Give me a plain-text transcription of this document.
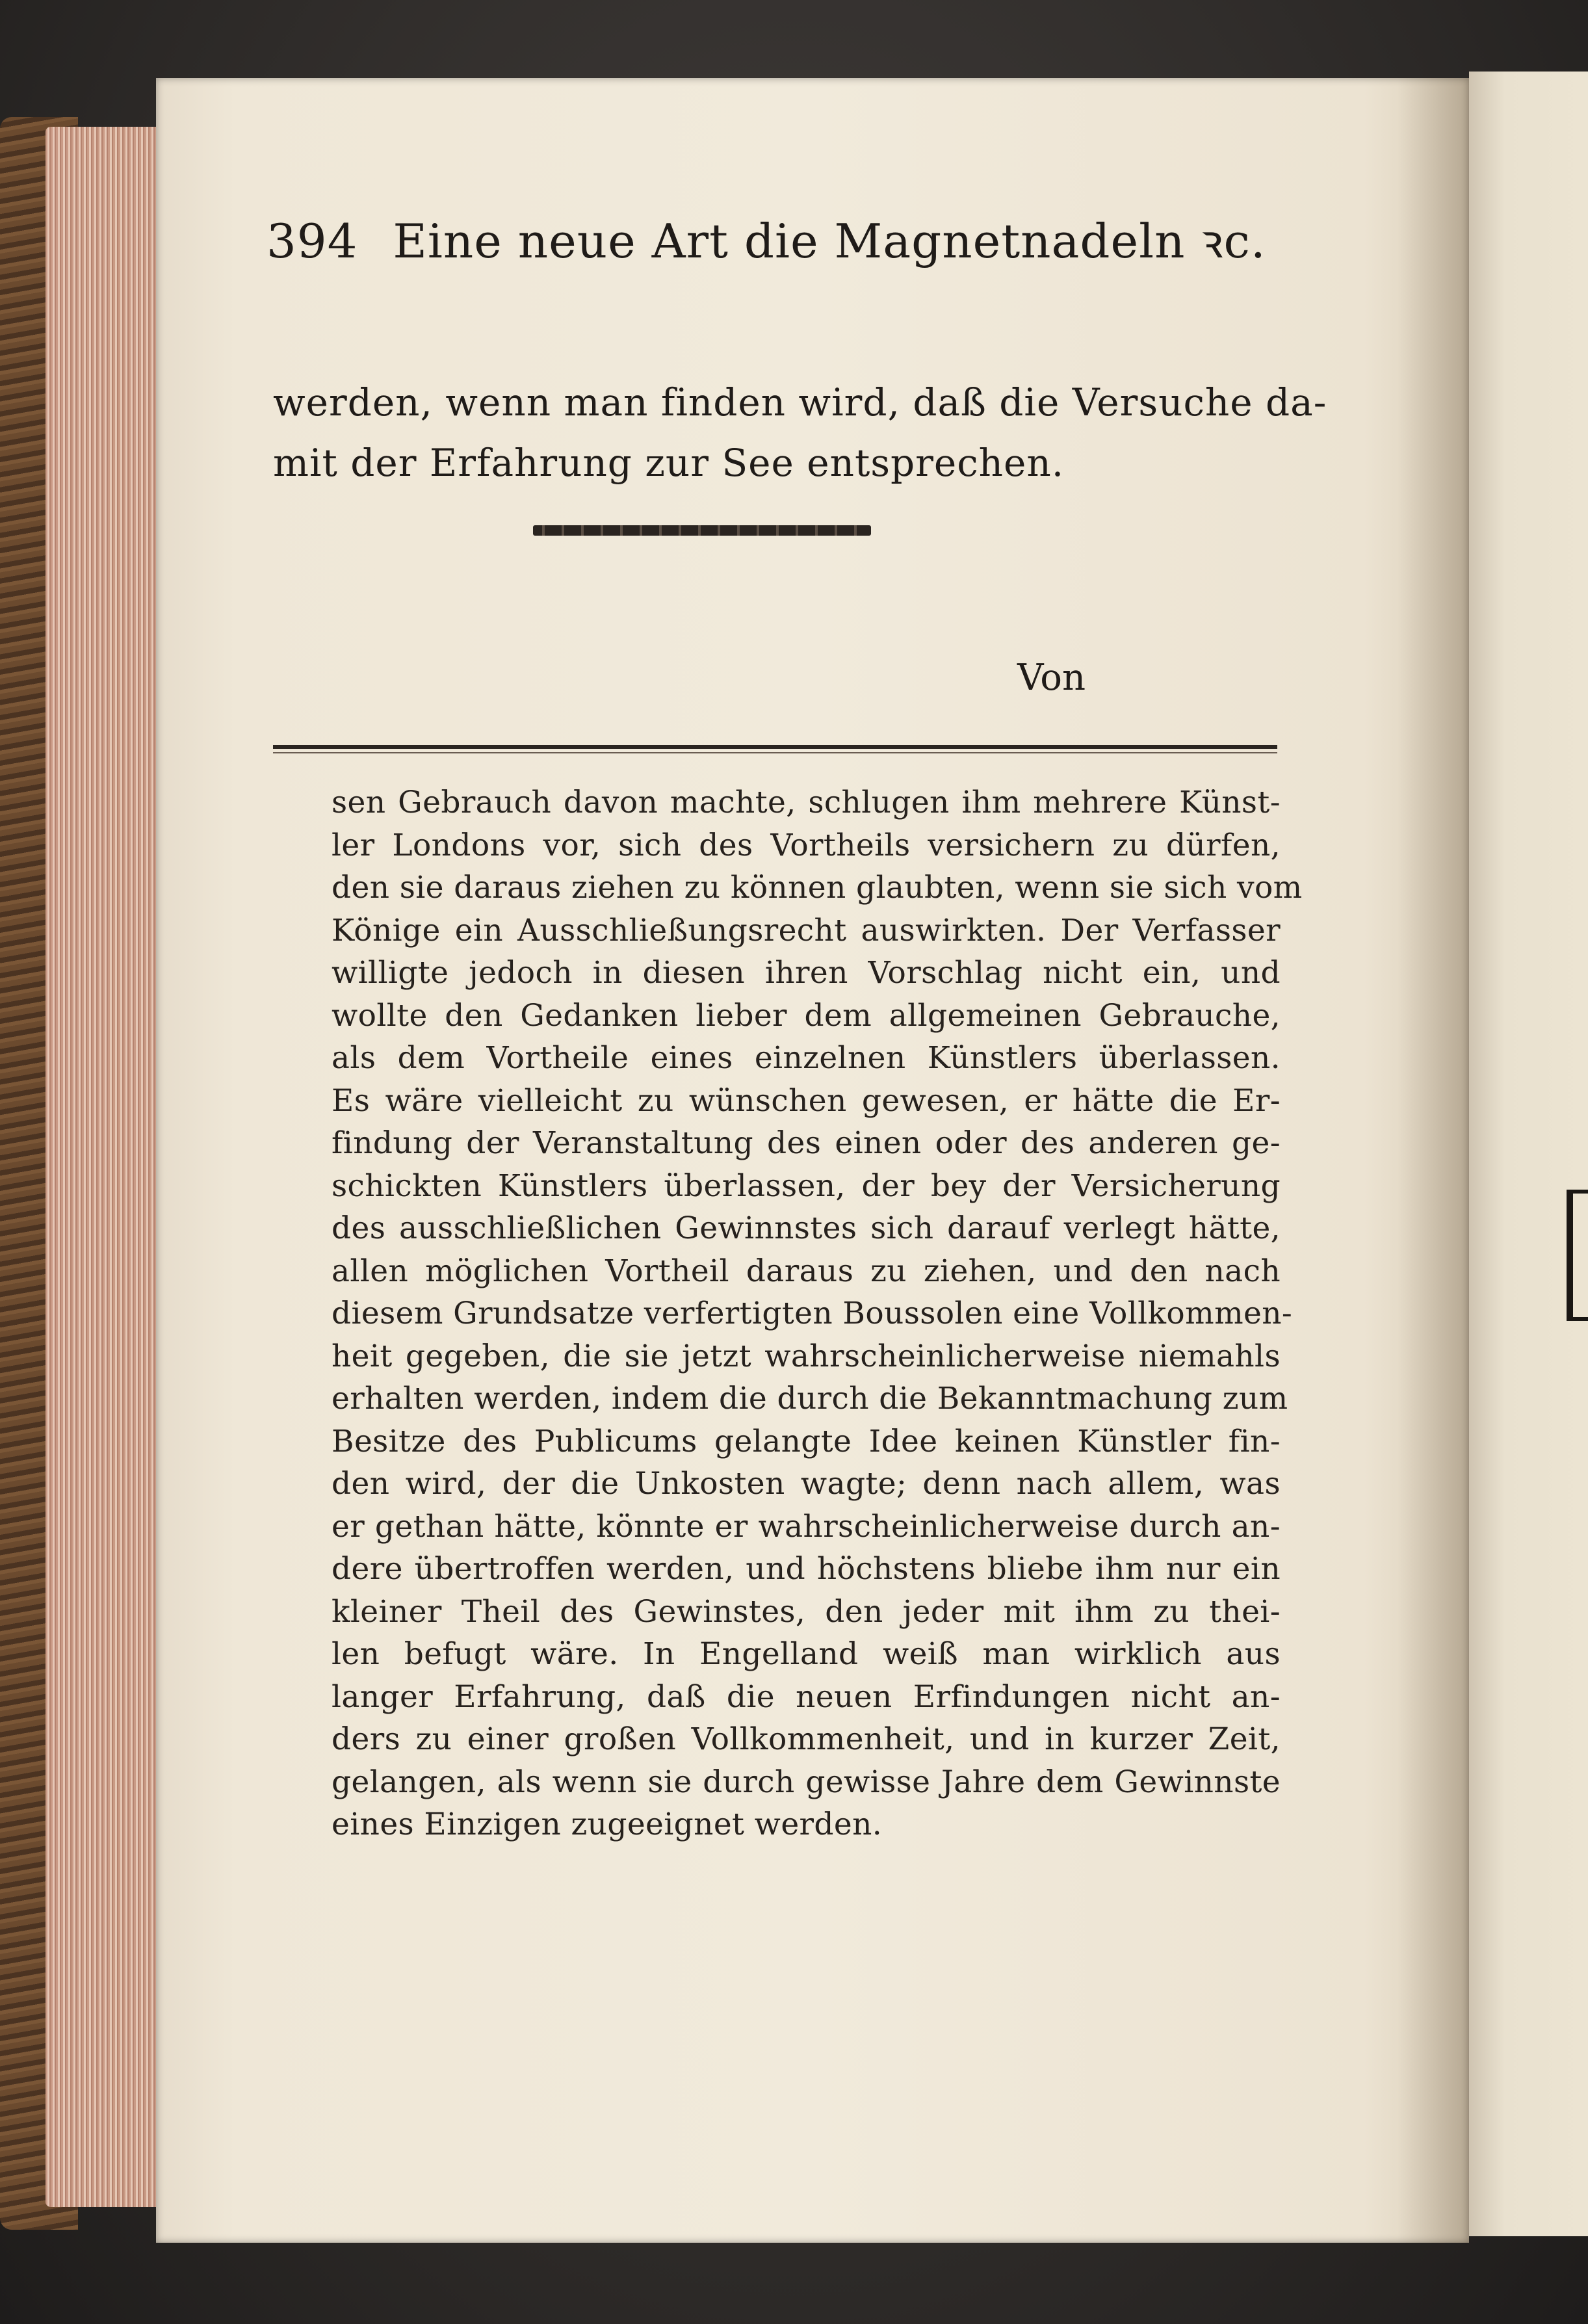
394 Eine neue Art die Magnetnadeln ꝛc.
werden, wenn man finden wird, daß die Versuche da-
mit der Erfahrung zur See entsprechen.
Von
sen Gebrauch davon machte, schlugen ihm mehrere Künst-
ler Londons vor, sich des Vortheils versichern zu dürfen,
den sie daraus ziehen zu können glaubten, wenn sie sich vom
Könige ein Ausschließungsrecht auswirkten. Der Verfasser
willigte jedoch in diesen ihren Vorschlag nicht ein, und
wollte den Gedanken lieber dem allgemeinen Gebrauche,
als dem Vortheile eines einzelnen Künstlers überlassen.
Es wäre vielleicht zu wünschen gewesen, er hätte die Er-
findung der Veranstaltung des einen oder des anderen ge-
schickten Künstlers überlassen, der bey der Versicherung
des ausschließlichen Gewinnstes sich darauf verlegt hätte,
allen möglichen Vortheil daraus zu ziehen, und den nach
diesem Grundsatze verfertigten Boussolen eine Vollkommen-
heit gegeben, die sie jetzt wahrscheinlicherweise niemahls
erhalten werden, indem die durch die Bekanntmachung zum
Besitze des Publicums gelangte Idee keinen Künstler fin-
den wird, der die Unkosten wagte; denn nach allem, was
er gethan hätte, könnte er wahrscheinlicherweise durch an-
dere übertroffen werden, und höchstens bliebe ihm nur ein
kleiner Theil des Gewinstes, den jeder mit ihm zu thei-
len befugt wäre. In Engelland weiß man wirklich aus
langer Erfahrung, daß die neuen Erfindungen nicht an-
ders zu einer großen Vollkommenheit, und in kurzer Zeit,
gelangen, als wenn sie durch gewisse Jahre dem Gewinnste
eines Einzigen zugeeignet werden.
